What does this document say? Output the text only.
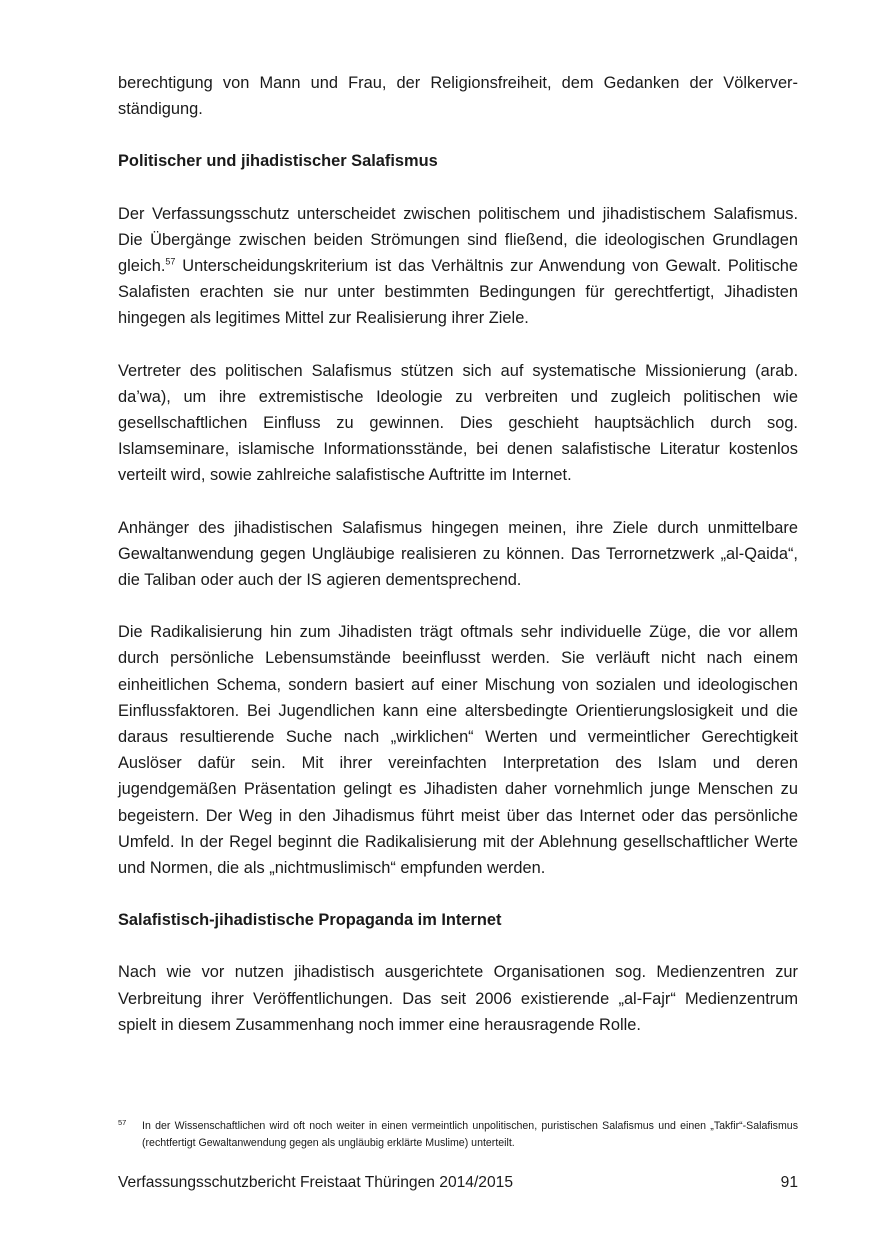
berechtigung von Mann und Frau, der Religionsfreiheit, dem Gedanken der Völkerverständigung.

Politischer und jihadistischer Salafismus

Der Verfassungsschutz unterscheidet zwischen politischem und jihadistischem Salafismus. Die Übergänge zwischen beiden Strömungen sind fließend, die ideologischen Grundlagen gleich.$^{57}$ Unterscheidungskriterium ist das Verhältnis zur Anwendung von Gewalt. Politische Salafisten erachten sie nur unter bestimmten Bedingungen für gerechtfertigt, Jihadisten hingegen als legitimes Mittel zur Realisierung ihrer Ziele.

Vertreter des politischen Salafismus stützen sich auf systematische Missionierung (arab. da’wa), um ihre extremistische Ideologie zu verbreiten und zugleich politischen wie gesellschaftlichen Einfluss zu gewinnen. Dies geschieht hauptsächlich durch sog. Islamseminare, islamische Informationsstände, bei denen salafistische Literatur kostenlos verteilt wird, sowie zahlreiche salafistische Auftritte im Internet.

Anhänger des jihadistischen Salafismus hingegen meinen, ihre Ziele durch unmittelbare Gewaltanwendung gegen Ungläubige realisieren zu können. Das Terrornetzwerk „al-Qaida“, die Taliban oder auch der IS agieren dementsprechend.

Die Radikalisierung hin zum Jihadisten trägt oftmals sehr individuelle Züge, die vor allem durch persönliche Lebensumstände beeinflusst werden. Sie verläuft nicht nach einem einheitlichen Schema, sondern basiert auf einer Mischung von sozialen und ideologischen Einflussfaktoren. Bei Jugendlichen kann eine altersbedingte Orientierungslosigkeit und die daraus resultierende Suche nach „wirklichen“ Werten und vermeintlicher Gerechtigkeit Auslöser dafür sein. Mit ihrer vereinfachten Interpretation des Islam und deren jugendgemäßen Präsentation gelingt es Jihadisten daher vornehmlich junge Menschen zu begeistern. Der Weg in den Jihadismus führt meist über das Internet oder das persönliche Umfeld. In der Regel beginnt die Radikalisierung mit der Ablehnung gesellschaftlicher Werte und Normen, die als „nichtmuslimisch“ empfunden werden.

Salafistisch-jihadistische Propaganda im Internet

Nach wie vor nutzen jihadistisch ausgerichtete Organisationen sog. Medienzentren zur Verbreitung ihrer Veröffentlichungen. Das seit 2006 existierende „al-Fajr“ Medienzentrum spielt in diesem Zusammenhang noch immer eine herausragende Rolle.

57	In der Wissenschaftlichen wird oft noch weiter in einen vermeintlich unpolitischen, puristischen Salafismus und einen „Takfir“-Salafismus (rechtfertigt Gewaltanwendung gegen als ungläubig erklärte Muslime) unterteilt.
Verfassungsschutzbericht Freistaat Thüringen 2014/2015	91
